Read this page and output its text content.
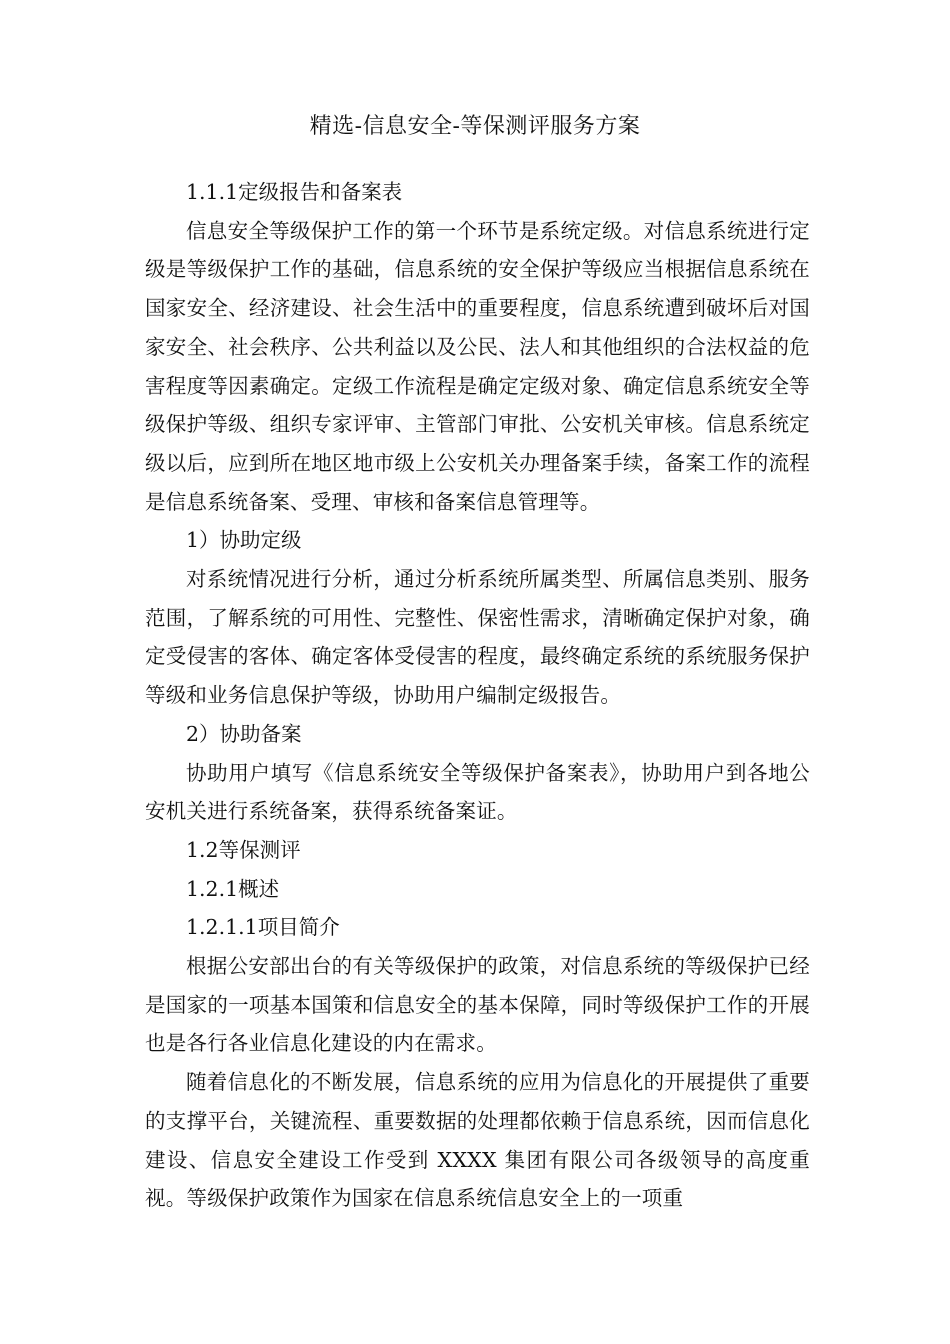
精选-信息安全-等保测评服务方案

1.1.1定级报告和备案表

信息安全等级保护工作的第一个环节是系统定级。对信息系统进行定级是等级保护工作的基础，信息系统的安全保护等级应当根据信息系统在国家安全、经济建设、社会生活中的重要程度，信息系统遭到破坏后对国家安全、社会秩序、公共利益以及公民、法人和其他组织的合法权益的危害程度等因素确定。定级工作流程是确定定级对象、确定信息系统安全等级保护等级、组织专家评审、主管部门审批、公安机关审核。信息系统定级以后，应到所在地区地市级上公安机关办理备案手续，备案工作的流程是信息系统备案、受理、审核和备案信息管理等。

1）协助定级

对系统情况进行分析，通过分析系统所属类型、所属信息类别、服务范围，了解系统的可用性、完整性、保密性需求，清晰确定保护对象，确定受侵害的客体、确定客体受侵害的程度，最终确定系统的系统服务保护等级和业务信息保护等级，协助用户编制定级报告。

2）协助备案

协助用户填写《信息系统安全等级保护备案表》，协助用户到各地公安机关进行系统备案，获得系统备案证。

1.2等保测评

1.2.1概述

1.2.1.1项目简介

根据公安部出台的有关等级保护的政策，对信息系统的等级保护已经是国家的一项基本国策和信息安全的基本保障，同时等级保护工作的开展也是各行各业信息化建设的内在需求。

随着信息化的不断发展，信息系统的应用为信息化的开展提供了重要的支撑平台，关键流程、重要数据的处理都依赖于信息系统，因而信息化建设、信息安全建设工作受到 XXXX 集团有限公司各级领导的高度重视。等级保护政策作为国家在信息系统信息安全上的一项重
